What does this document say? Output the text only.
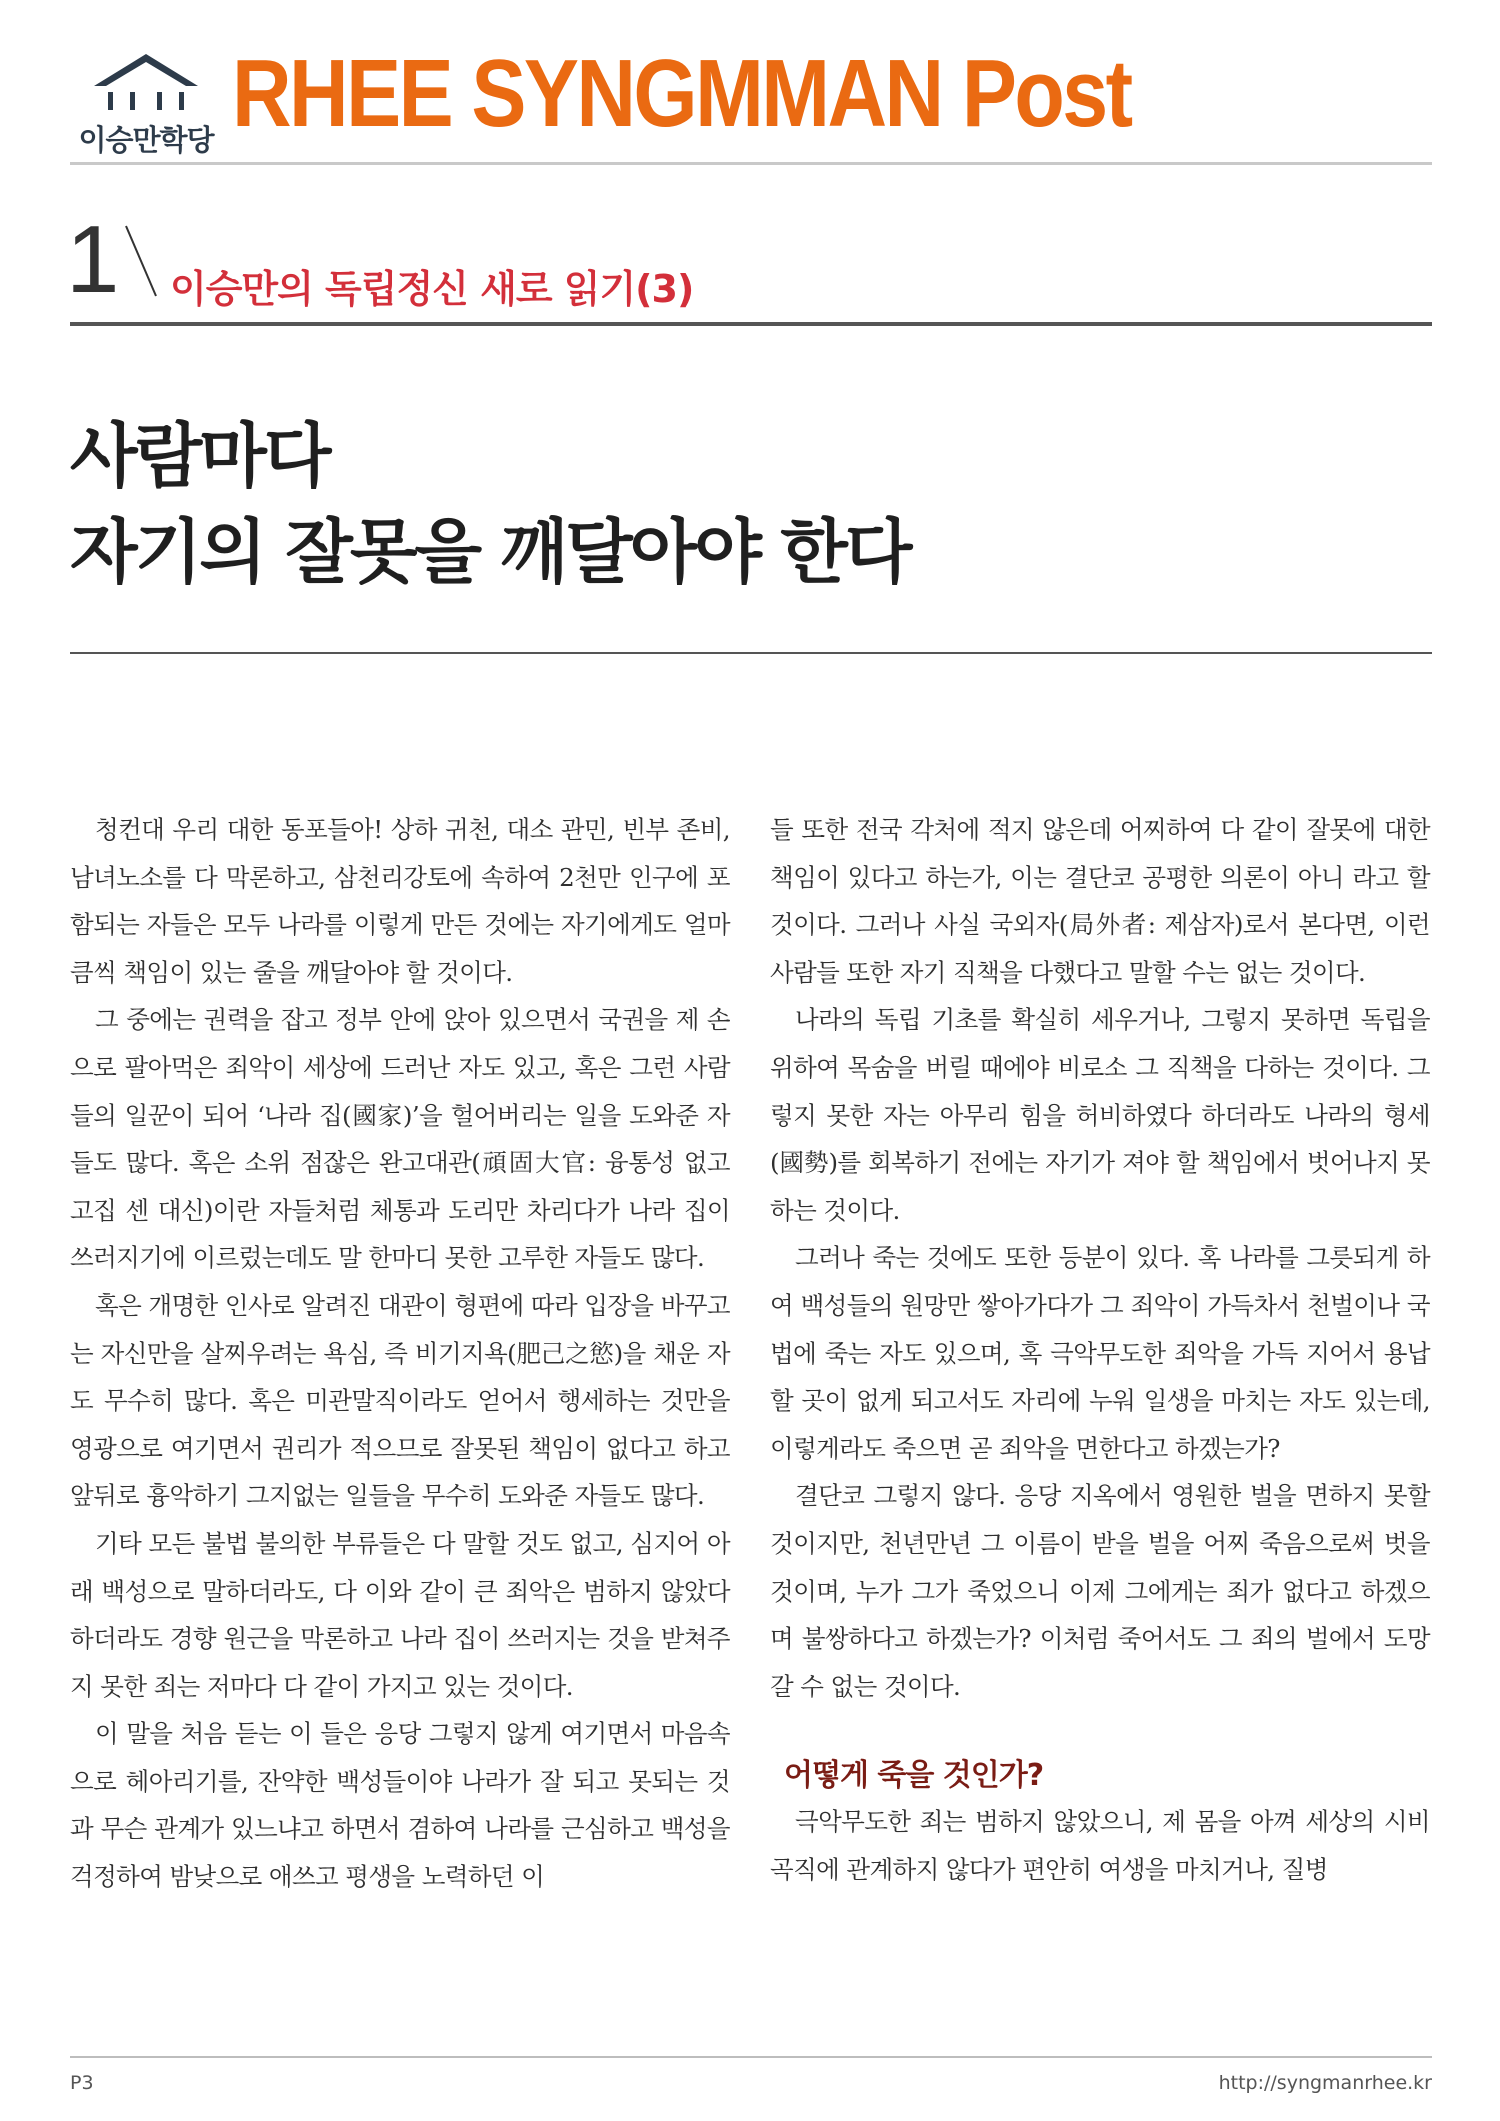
이승만학당 RHEE SYNGMMAN Post
1 이승만의 독립정신 새로 읽기(3)
사람마다
자기의 잘못을 깨달아야 한다

청컨대 우리 대한 동포들아! 상하 귀천, 대소 관민, 빈부 존비, 남녀노소를 다 막론하고, 삼천리강토에 속하여 2천만 인구에 포함되는 자들은 모두 나라를 이렇게 만든 것에는 자기에게도 얼마큼씩 책임이 있는 줄을 깨달아야 할 것이다.

그 중에는 권력을 잡고 정부 안에 앉아 있으면서 국권을 제 손으로 팔아먹은 죄악이 세상에 드러난 자도 있고, 혹은 그런 사람들의 일꾼이 되어 ‘나라 집(國家)’을 헐어버리는 일을 도와준 자들도 많다. 혹은 소위 점잖은 완고대관(頑固大官: 융통성 없고 고집 센 대신)이란 자들처럼 체통과 도리만 차리다가 나라 집이 쓰러지기에 이르렀는데도 말 한마디 못한 고루한 자들도 많다.

혹은 개명한 인사로 알려진 대관이 형편에 따라 입장을 바꾸고는 자신만을 살찌우려는 욕심, 즉 비기지욕(肥己之慾)을 채운 자도 무수히 많다. 혹은 미관말직이라도 얻어서 행세하는 것만을 영광으로 여기면서 권리가 적으므로 잘못된 책임이 없다고 하고 앞뒤로 흉악하기 그지없는 일들을 무수히 도와준 자들도 많다.

기타 모든 불법 불의한 부류들은 다 말할 것도 없고, 심지어 아래 백성으로 말하더라도, 다 이와 같이 큰 죄악은 범하지 않았다 하더라도 경향 원근을 막론하고 나라 집이 쓰러지는 것을 받쳐주지 못한 죄는 저마다 다 같이 가지고 있는 것이다.

이 말을 처음 듣는 이 들은 응당 그렇지 않게 여기면서 마음속으로 헤아리기를, 잔약한 백성들이야 나라가 잘 되고 못되는 것과 무슨 관계가 있느냐고 하면서 겸하여 나라를 근심하고 백성을 걱정하여 밤낮으로 애쓰고 평생을 노력하던 이

들 또한 전국 각처에 적지 않은데 어찌하여 다 같이 잘못에 대한 책임이 있다고 하는가, 이는 결단코 공평한 의론이 아니 라고 할 것이다. 그러나 사실 국외자(局外者: 제삼자)로서 본다면, 이런 사람들 또한 자기 직책을 다했다고 말할 수는 없는 것이다.

나라의 독립 기초를 확실히 세우거나, 그렇지 못하면 독립을 위하여 목숨을 버릴 때에야 비로소 그 직책을 다하는 것이다. 그렇지 못한 자는 아무리 힘을 허비하였다 하더라도 나라의 형세(國勢)를 회복하기 전에는 자기가 져야 할 책임에서 벗어나지 못하는 것이다.

그러나 죽는 것에도 또한 등분이 있다. 혹 나라를 그릇되게 하여 백성들의 원망만 쌓아가다가 그 죄악이 가득차서 천벌이나 국법에 죽는 자도 있으며, 혹 극악무도한 죄악을 가득 지어서 용납할 곳이 없게 되고서도 자리에 누워 일생을 마치는 자도 있는데, 이렇게라도 죽으면 곧 죄악을 면한다고 하겠는가?

결단코 그렇지 않다. 응당 지옥에서 영원한 벌을 면하지 못할 것이지만, 천년만년 그 이름이 받을 벌을 어찌 죽음으로써 벗을 것이며, 누가 그가 죽었으니 이제 그에게는 죄가 없다고 하겠으며 불쌍하다고 하겠는가? 이처럼 죽어서도 그 죄의 벌에서 도망갈 수 없는 것이다.

어떻게 죽을 것인가?

극악무도한 죄는 범하지 않았으니, 제 몸을 아껴 세상의 시비곡직에 관계하지 않다가 편안히 여생을 마치거나, 질병

P3	http://syngmanrhee.kr
